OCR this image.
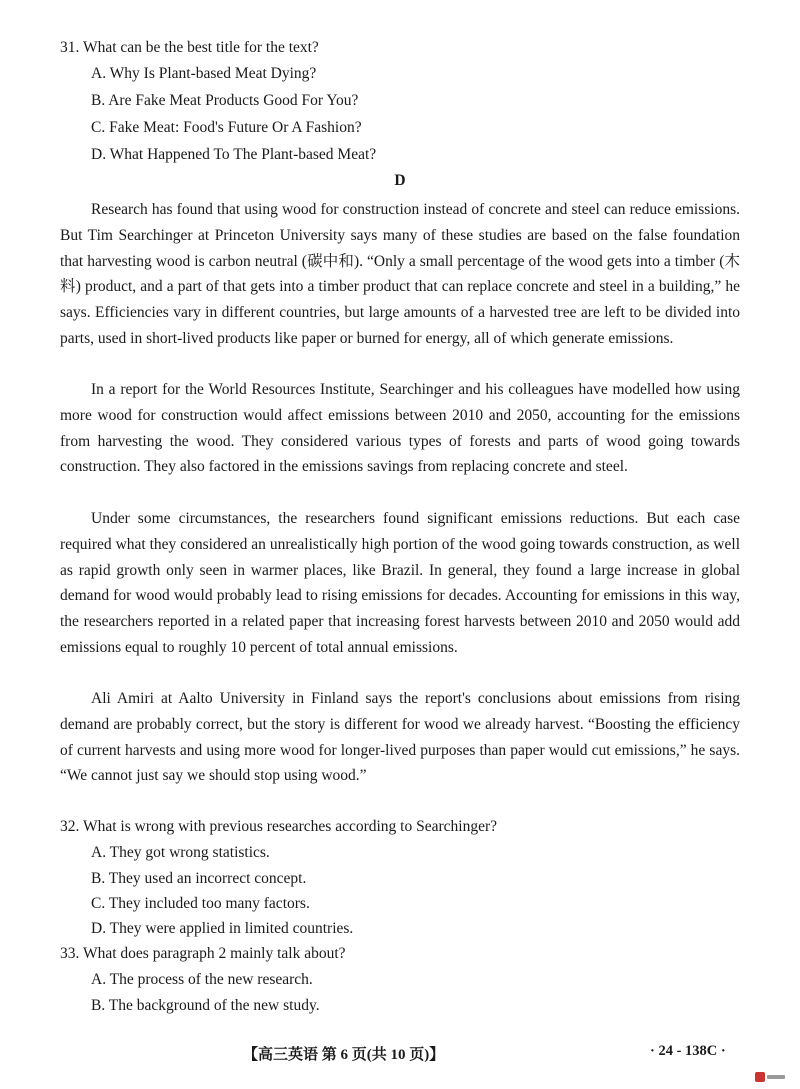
31. What can be the best title for the text?
A. Why Is Plant-based Meat Dying?
B. Are Fake Meat Products Good For You?
C. Fake Meat: Food's Future Or A Fashion?
D. What Happened To The Plant-based Meat?
D
Research has found that using wood for construction instead of concrete and steel can reduce emissions. But Tim Searchinger at Princeton University says many of these studies are based on the false foundation that harvesting wood is carbon neutral (碳中和). “Only a small percentage of the wood gets into a timber (木料) product, and a part of that gets into a timber product that can replace concrete and steel in a building,” he says. Efficiencies vary in different countries, but large amounts of a harvested tree are left to be divided into parts, used in short-lived products like paper or burned for energy, all of which generate emissions.
In a report for the World Resources Institute, Searchinger and his colleagues have modelled how using more wood for construction would affect emissions between 2010 and 2050, accounting for the emissions from harvesting the wood. They considered various types of forests and parts of wood going towards construction. They also factored in the emissions savings from replacing concrete and steel.
Under some circumstances, the researchers found significant emissions reductions. But each case required what they considered an unrealistically high portion of the wood going towards construction, as well as rapid growth only seen in warmer places, like Brazil. In general, they found a large increase in global demand for wood would probably lead to rising emissions for decades. Accounting for emissions in this way, the researchers reported in a related paper that increasing forest harvests between 2010 and 2050 would add emissions equal to roughly 10 percent of total annual emissions.
Ali Amiri at Aalto University in Finland says the report's conclusions about emissions from rising demand are probably correct, but the story is different for wood we already harvest. “Boosting the efficiency of current harvests and using more wood for longer-lived purposes than paper would cut emissions,” he says. “We cannot just say we should stop using wood.”
32. What is wrong with previous researches according to Searchinger?
A. They got wrong statistics.
B. They used an incorrect concept.
C. They included too many factors.
D. They were applied in limited countries.
33. What does paragraph 2 mainly talk about?
A. The process of the new research.
B. The background of the new study.
【高三英语 第 6 页(共 10 页)】	· 24 - 138C ·
